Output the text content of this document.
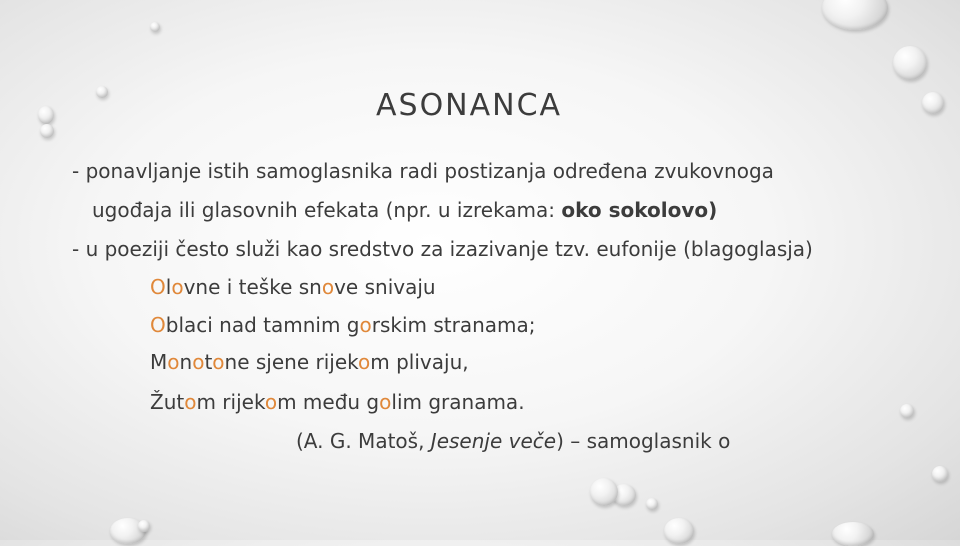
ASONANCA
- ponavljanje istih samoglasnika radi postizanja određena zvukovnoga
ugođaja ili glasovnih efekata (npr. u izrekama: oko sokolovo)
- u poeziji često služi kao sredstvo za izazivanje tzv. eufonije (blagoglasja)
Olovne i teške snove snivaju
Oblaci nad tamnim gorskim stranama;
Monotone sjene rijekom plivaju,
Žutom rijekom među golim granama.
(A. G. Matoš, Jesenje veče) – samoglasnik o
